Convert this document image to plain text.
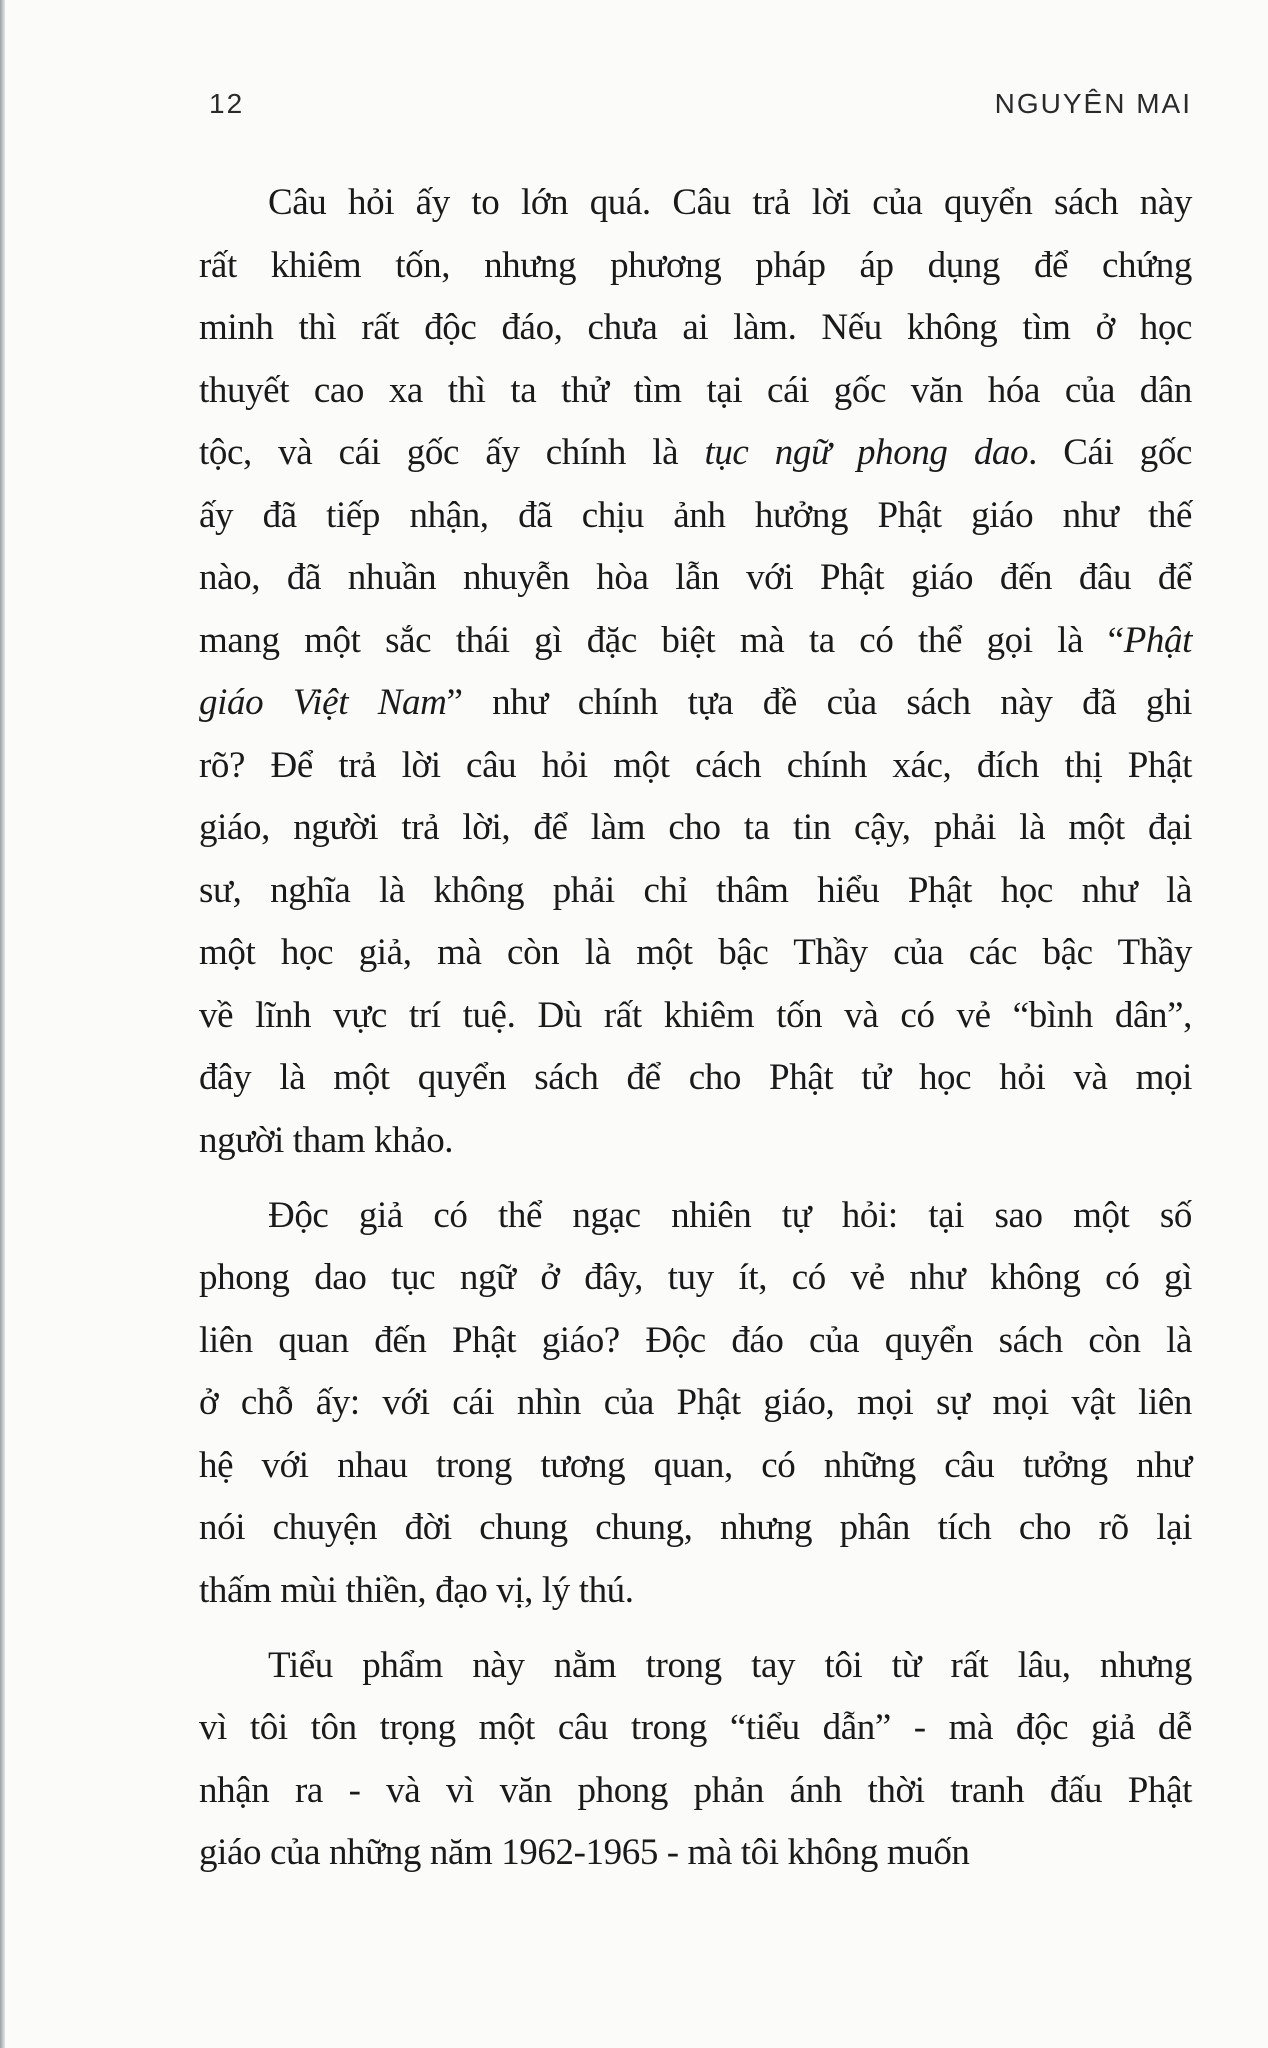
12	NGUYÊN MAI
Câu hỏi ấy to lớn quá. Câu trả lời của quyển sách này
rất khiêm tốn, nhưng phương pháp áp dụng để chứng
minh thì rất độc đáo, chưa ai làm. Nếu không tìm ở học
thuyết cao xa thì ta thử tìm tại cái gốc văn hóa của dân
tộc, và cái gốc ấy chính là tục ngữ phong dao. Cái gốc
ấy đã tiếp nhận, đã chịu ảnh hưởng Phật giáo như thế
nào, đã nhuần nhuyễn hòa lẫn với Phật giáo đến đâu để
mang một sắc thái gì đặc biệt mà ta có thể gọi là “Phật
giáo Việt Nam” như chính tựa đề của sách này đã ghi
rõ? Để trả lời câu hỏi một cách chính xác, đích thị Phật
giáo, người trả lời, để làm cho ta tin cậy, phải là một đại
sư, nghĩa là không phải chỉ thâm hiểu Phật học như là
một học giả, mà còn là một bậc Thầy của các bậc Thầy
về lĩnh vực trí tuệ. Dù rất khiêm tốn và có vẻ “bình dân”,
đây là một quyển sách để cho Phật tử học hỏi và mọi
người tham khảo.
Độc giả có thể ngạc nhiên tự hỏi: tại sao một số
phong dao tục ngữ ở đây, tuy ít, có vẻ như không có gì
liên quan đến Phật giáo? Độc đáo của quyển sách còn là
ở chỗ ấy: với cái nhìn của Phật giáo, mọi sự mọi vật liên
hệ với nhau trong tương quan, có những câu tưởng như
nói chuyện đời chung chung, nhưng phân tích cho rõ lại
thấm mùi thiền, đạo vị, lý thú.
Tiểu phẩm này nằm trong tay tôi từ rất lâu, nhưng
vì tôi tôn trọng một câu trong “tiểu dẫn” - mà độc giả dễ
nhận ra - và vì văn phong phản ánh thời tranh đấu Phật
giáo của những năm 1962-1965 - mà tôi không muốn
